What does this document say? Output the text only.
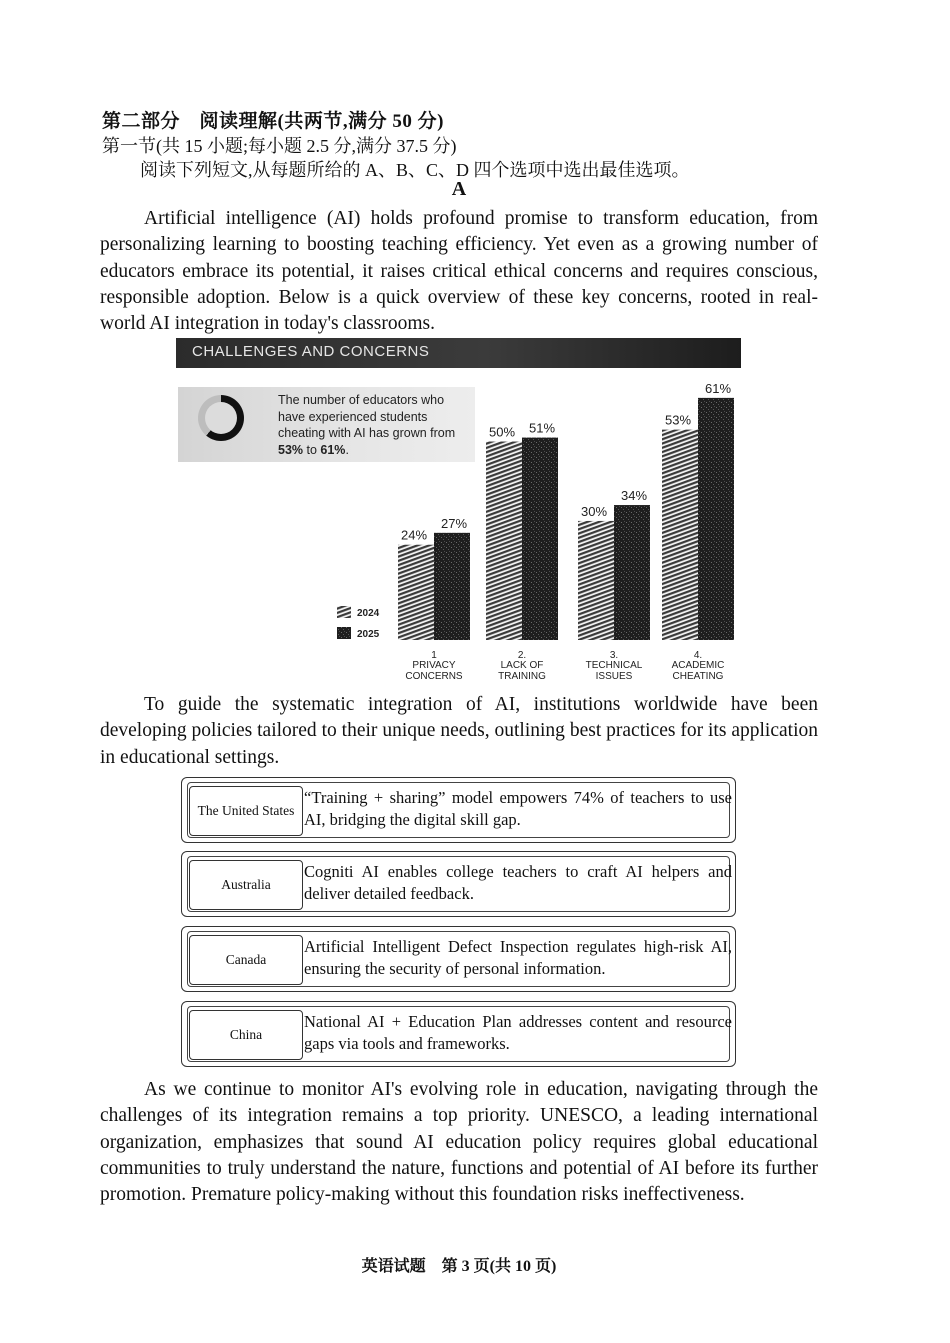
第二部分　阅读理解(共两节,满分 50 分)
第一节(共 15 小题;每小题 2.5 分,满分 37.5 分)
阅读下列短文,从每题所给的 A、B、C、D 四个选项中选出最佳选项。
A

Artificial intelligence (AI) holds profound promise to transform education, from personalizing learning to boosting teaching efficiency. Yet even as a growing number of educators embrace its potential, it raises critical ethical concerns and requires conscious, responsible adoption. Below is a quick overview of these key concerns, rooted in real-world AI integration in today's classrooms.

CHALLENGES AND CONCERNS
The number of educators who have experienced students cheating with AI has grown from 53% to 61%.
24%
50%
30%
53%
27%
51%
34%
61%
1
PRIVACY
CONCERNS
2.
LACK OF
TRAINING
3.
TECHNICAL
ISSUES
4.
ACADEMIC
CHEATING
2024
2025

To guide the systematic integration of AI, institutions worldwide have been developing policies tailored to their unique needs, outlining best practices for its application in educational settings.

The United States
“Training + sharing” model empowers 74% of teachers to use AI, bridging the digital skill gap.
Australia
Cogniti AI enables college teachers to craft AI helpers and deliver detailed feedback.
Canada
Artificial Intelligent Defect Inspection regulates high-risk AI, ensuring the security of personal information.
China
National AI + Education Plan addresses content and resource gaps via tools and frameworks.

As we continue to monitor AI's evolving role in education, navigating through the challenges of its integration remains a top priority. UNESCO, a leading international organization, emphasizes that sound AI education policy requires global educational communities to truly understand the nature, functions and potential of AI before its further promotion. Premature policy-making without this foundation risks ineffectiveness.

英语试题　第 3 页(共 10 页)
